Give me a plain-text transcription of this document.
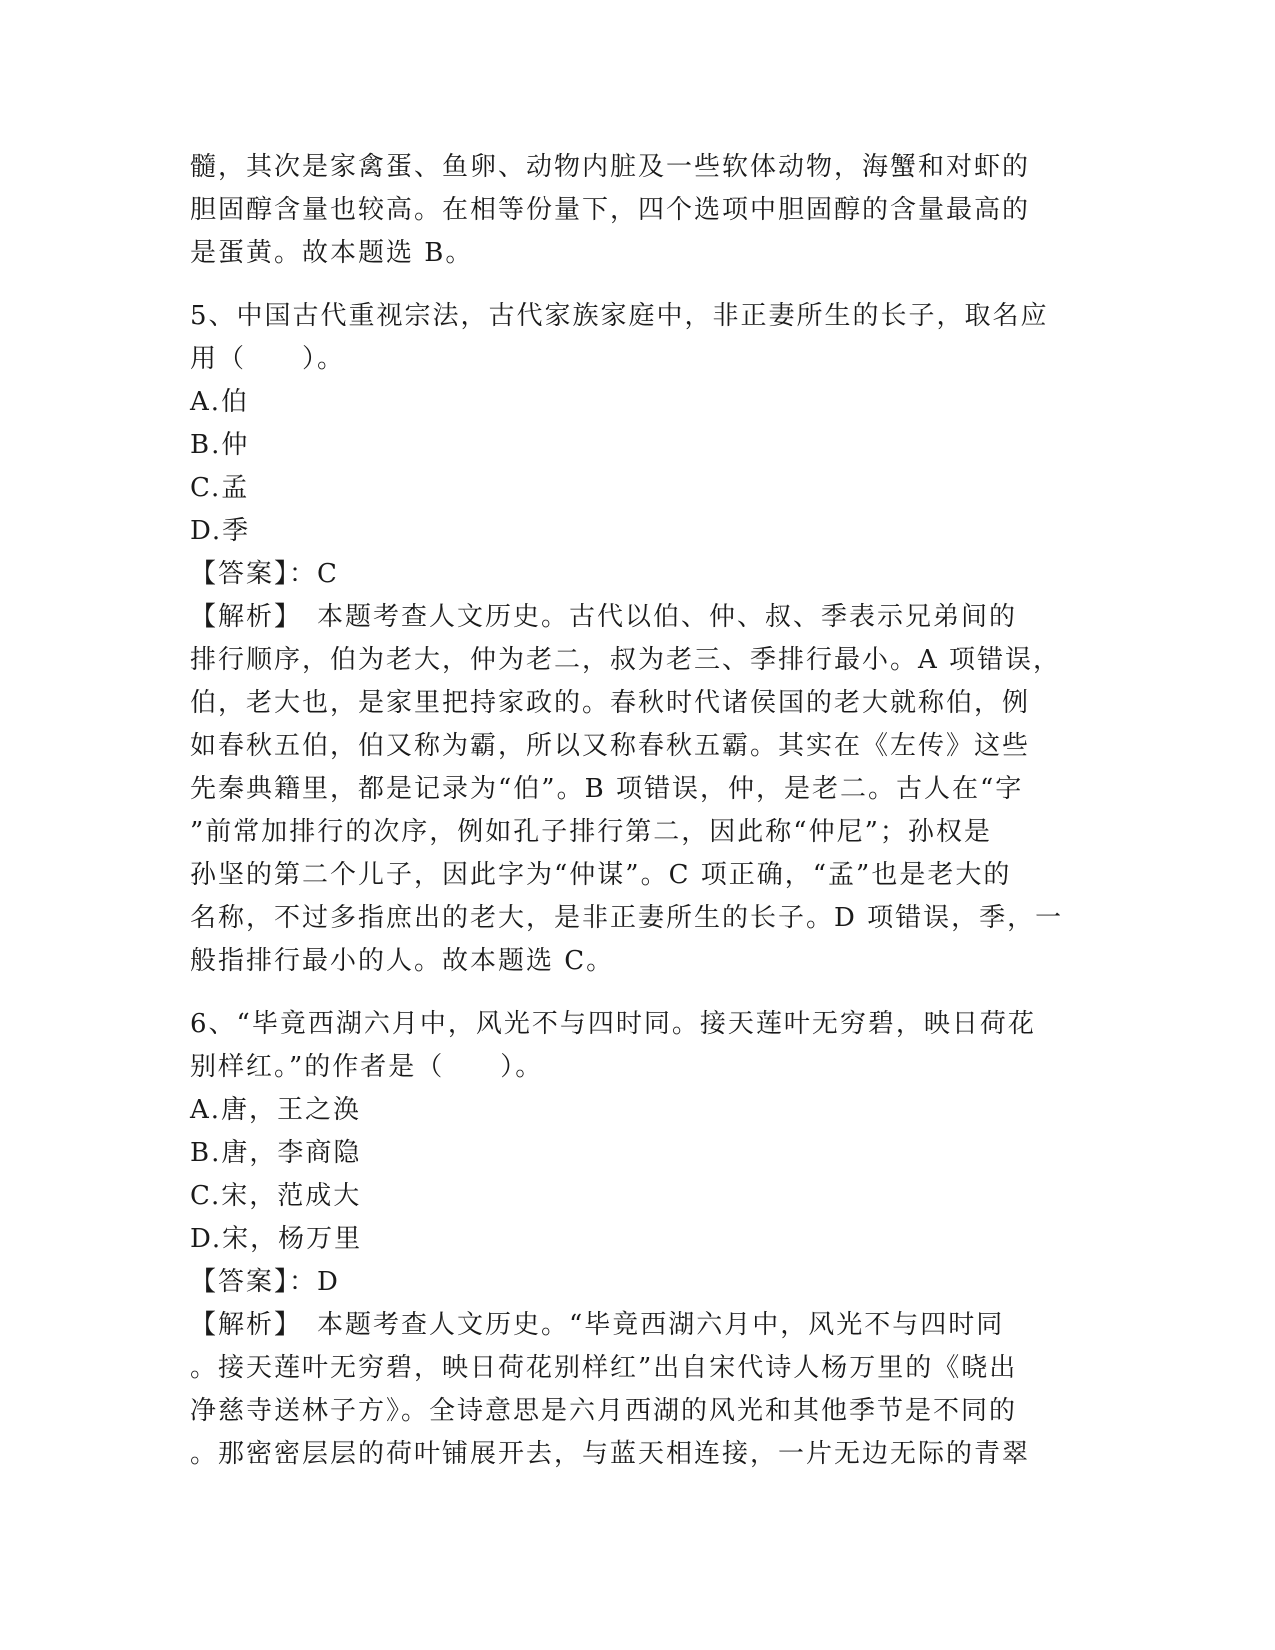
髓，其次是家禽蛋、鱼卵、动物内脏及一些软体动物，海蟹和对虾的
胆固醇含量也较高。在相等份量下，四个选项中胆固醇的含量最高的
是蛋黄。故本题选 B。
5、中国古代重视宗法，古代家族家庭中，非正妻所生的长子，取名应
用（　　）。
A.伯
B.仲
C.孟
D.季
【答案】：C
【解析】　本题考查人文历史。古代以伯、仲、叔、季表示兄弟间的
排行顺序，伯为老大，仲为老二，叔为老三、季排行最小。A 项错误，
伯，老大也，是家里把持家政的。春秋时代诸侯国的老大就称伯，例
如春秋五伯，伯又称为霸，所以又称春秋五霸。其实在《左传》这些
先秦典籍里，都是记录为“伯”。B 项错误，仲，是老二。古人在“字
”前常加排行的次序，例如孔子排行第二，因此称“仲尼”；孙权是
孙坚的第二个儿子，因此字为“仲谋”。C 项正确，“孟”也是老大的
名称，不过多指庶出的老大，是非正妻所生的长子。D 项错误，季，一
般指排行最小的人。故本题选 C。
6、“毕竟西湖六月中，风光不与四时同。接天莲叶无穷碧，映日荷花
别样红。”的作者是（　　）。
A.唐，王之涣
B.唐，李商隐
C.宋，范成大
D.宋，杨万里
【答案】：D
【解析】　本题考查人文历史。“毕竟西湖六月中，风光不与四时同
。接天莲叶无穷碧，映日荷花别样红”出自宋代诗人杨万里的《晓出
净慈寺送林子方》。全诗意思是六月西湖的风光和其他季节是不同的
。那密密层层的荷叶铺展开去，与蓝天相连接，一片无边无际的青翠
